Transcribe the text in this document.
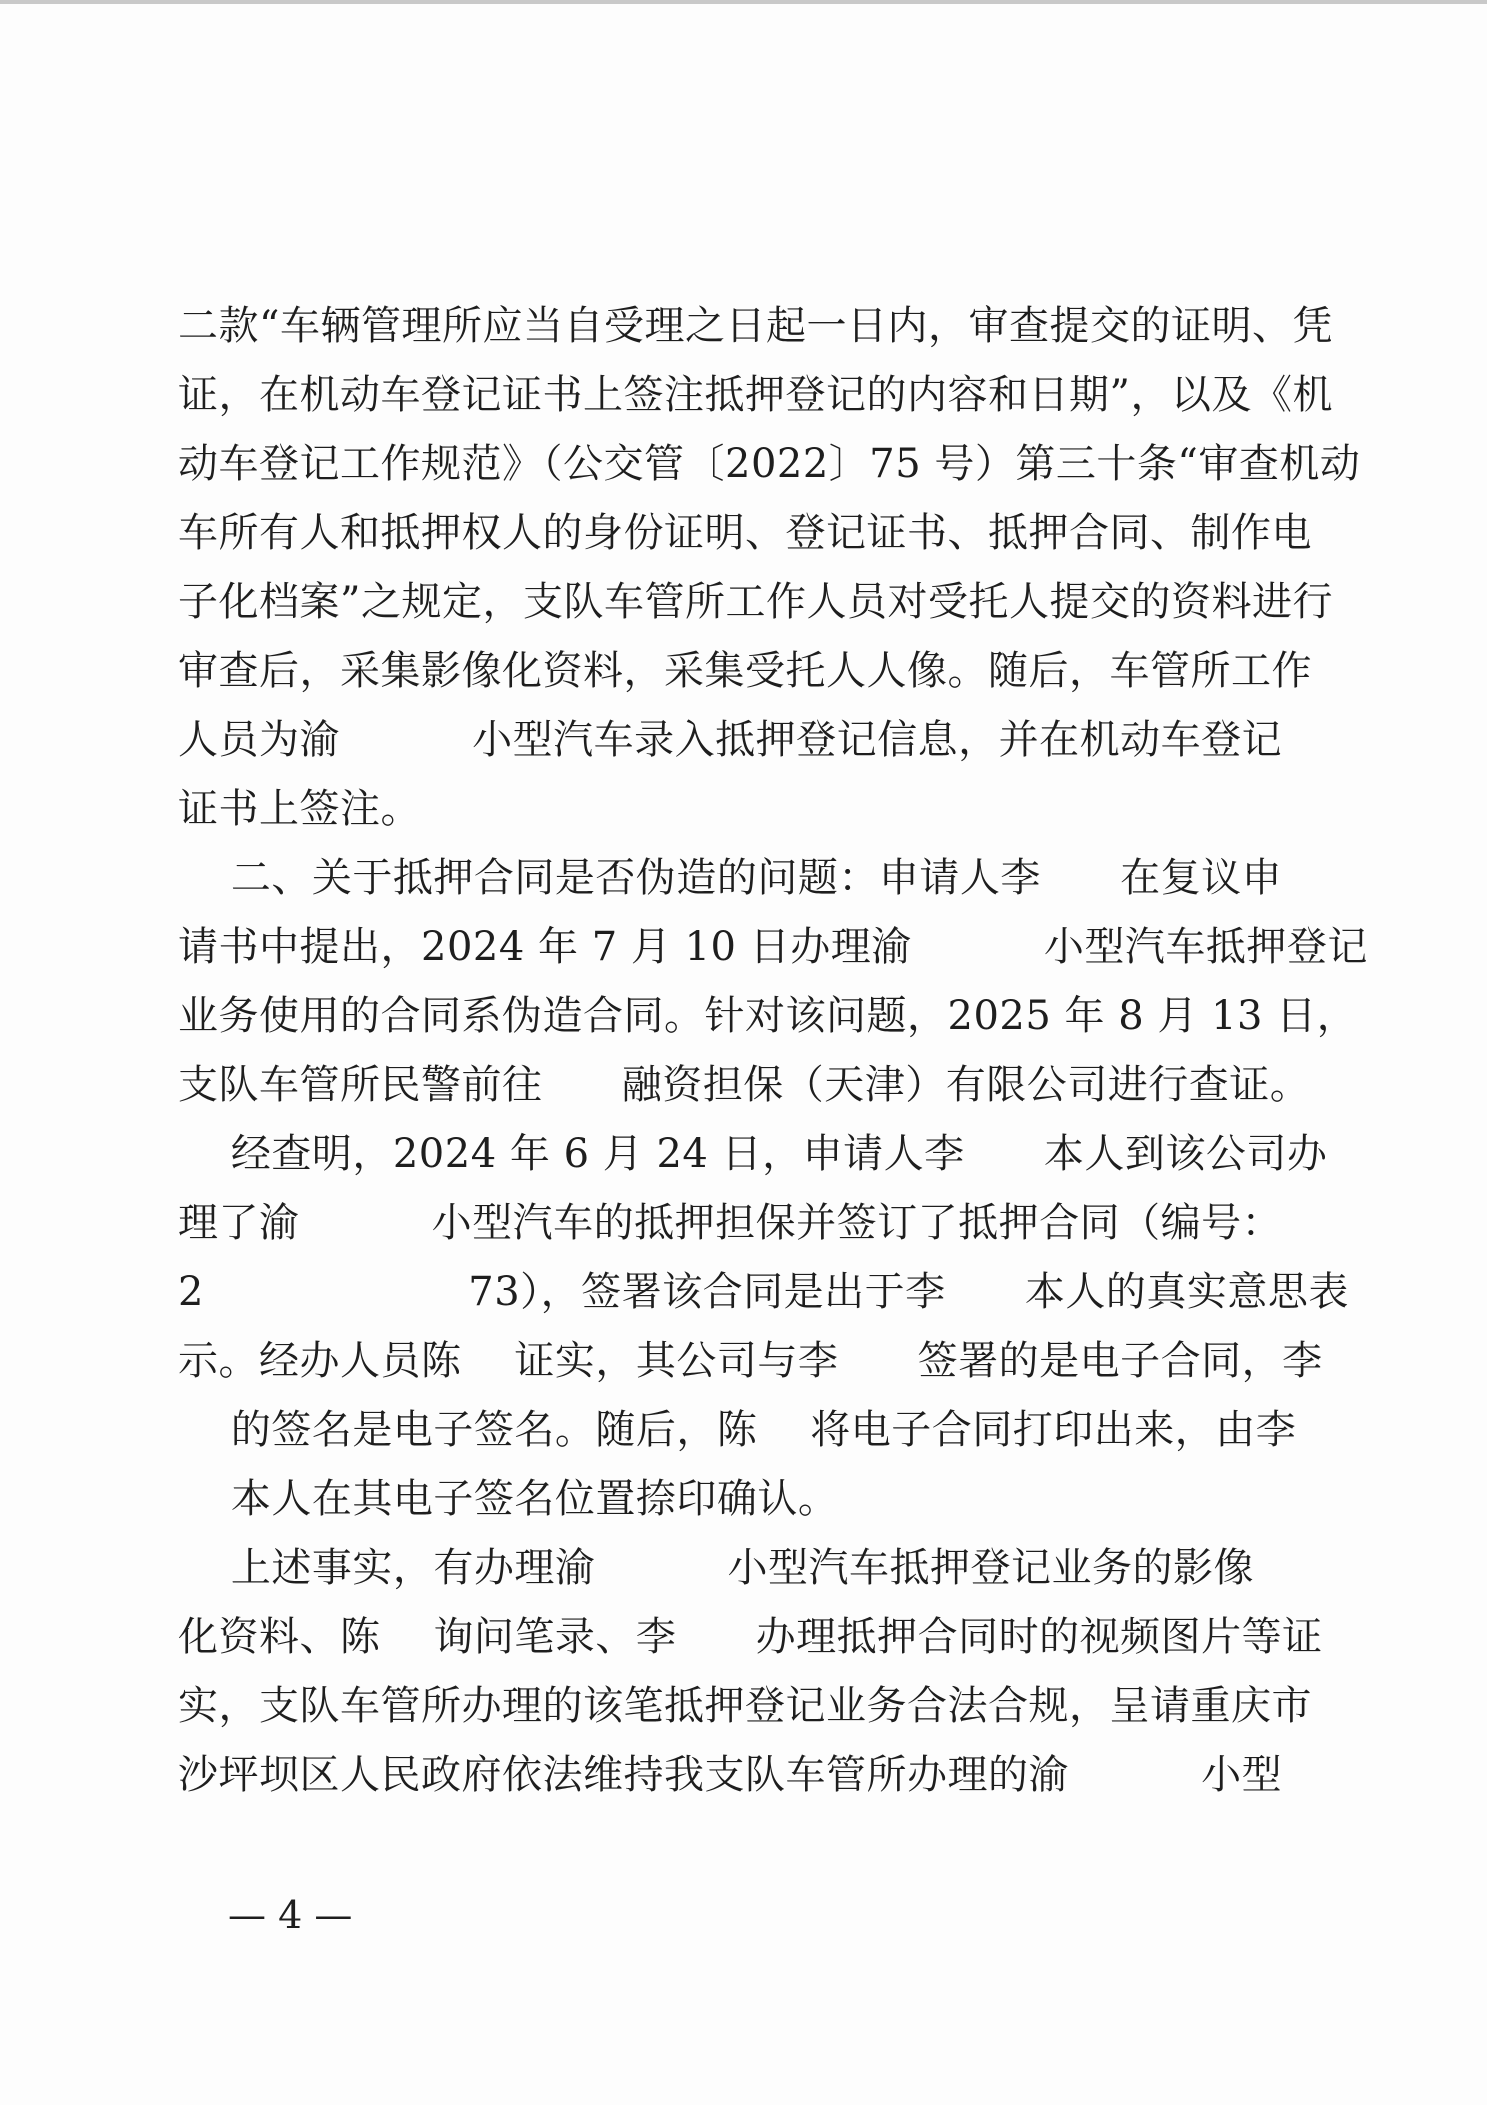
二款“车辆管理所应当自受理之日起一日内，审查提交的证明、凭
证，在机动车登记证书上签注抵押登记的内容和日期”，以及《机
动车登记工作规范》（公交管〔2022〕75 号）第三十条“审查机动
车所有人和抵押权人的身份证明、登记证书、抵押合同、制作电
子化档案”之规定，支队车管所工作人员对受托人提交的资料进行
审查后，采集影像化资料，采集受托人人像。随后，车管所工作
人员为渝          小型汽车录入抵押登记信息，并在机动车登记
证书上签注。
二、关于抵押合同是否伪造的问题：申请人李      在复议申
请书中提出，2024 年 7 月 10 日办理渝          小型汽车抵押登记
业务使用的合同系伪造合同。针对该问题，2025 年 8 月 13 日，
支队车管所民警前往      融资担保（天津）有限公司进行查证。
经查明，2024 年 6 月 24 日，申请人李      本人到该公司办
理了渝          小型汽车的抵押担保并签订了抵押合同（编号：
2                    73），签署该合同是出于李      本人的真实意思表
示。经办人员陈    证实，其公司与李      签署的是电子合同，李
的签名是电子签名。随后，陈    将电子合同打印出来，由李
本人在其电子签名位置捺印确认。
上述事实，有办理渝          小型汽车抵押登记业务的影像
化资料、陈    询问笔录、李      办理抵押合同时的视频图片等证
实，支队车管所办理的该笔抵押登记业务合法合规，呈请重庆市
沙坪坝区人民政府依法维持我支队车管所办理的渝          小型
— 4 —
